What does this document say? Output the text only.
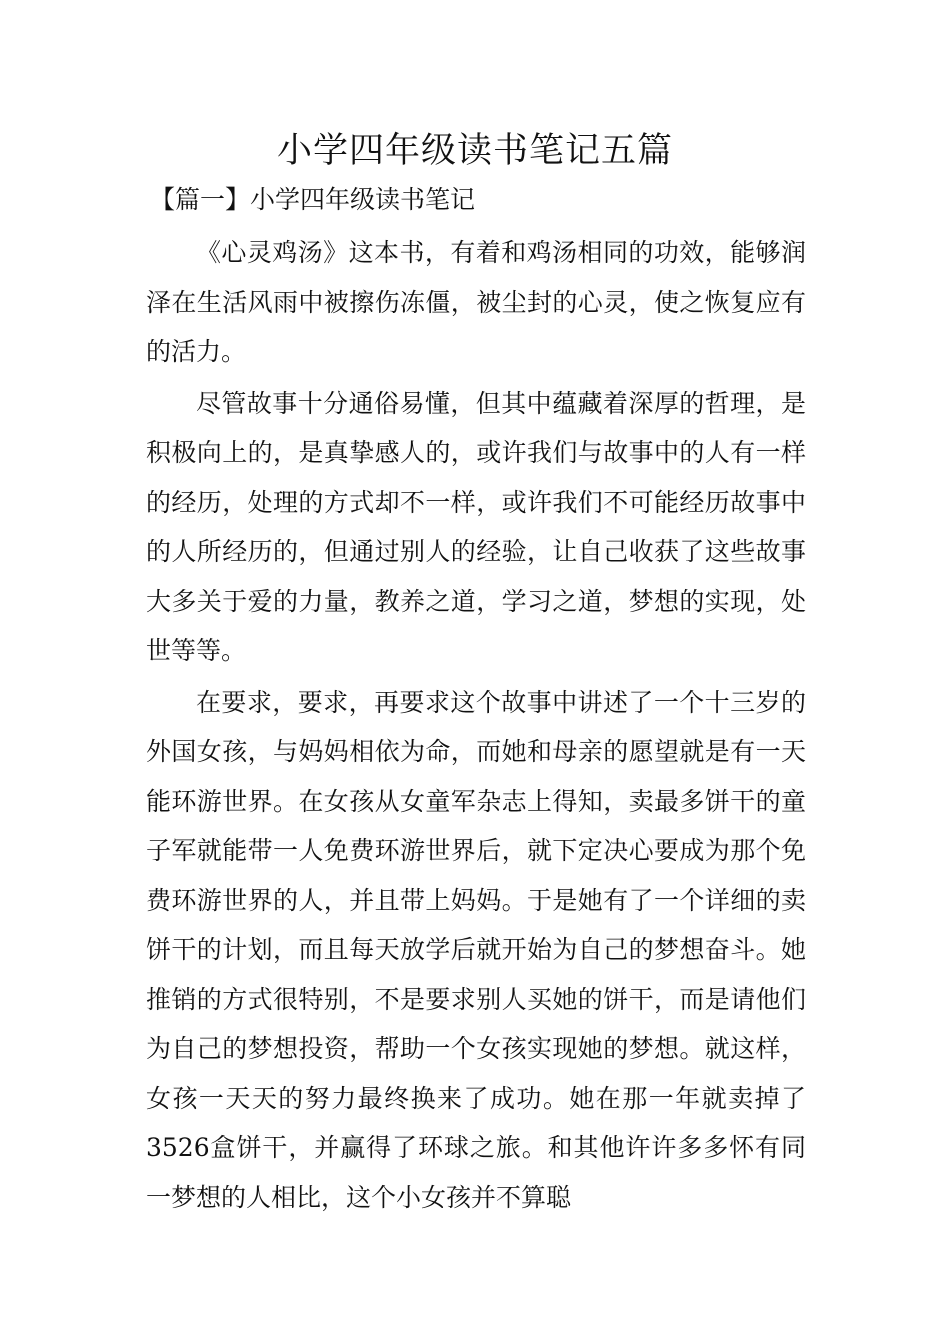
小学四年级读书笔记五篇
【篇一】小学四年级读书笔记

《心灵鸡汤》这本书，有着和鸡汤相同的功效，能够润泽在生活风雨中被擦伤冻僵，被尘封的心灵，使之恢复应有的活力。

尽管故事十分通俗易懂，但其中蕴藏着深厚的哲理，是积极向上的，是真挚感人的，或许我们与故事中的人有一样的经历，处理的方式却不一样，或许我们不可能经历故事中的人所经历的，但通过别人的经验，让自己收获了这些故事大多关于爱的力量，教养之道，学习之道，梦想的实现，处世等等。

在要求，要求，再要求这个故事中讲述了一个十三岁的外国女孩，与妈妈相依为命，而她和母亲的愿望就是有一天能环游世界。在女孩从女童军杂志上得知，卖最多饼干的童子军就能带一人免费环游世界后，就下定决心要成为那个免费环游世界的人，并且带上妈妈。于是她有了一个详细的卖饼干的计划，而且每天放学后就开始为自己的梦想奋斗。她推销的方式很特别，不是要求别人买她的饼干，而是请他们为自己的梦想投资，帮助一个女孩实现她的梦想。就这样，女孩一天天的努力最终换来了成功。她在那一年就卖掉了3526盒饼干，并赢得了环球之旅。和其他许许多多怀有同一梦想的人相比，这个小女孩并不算聪
